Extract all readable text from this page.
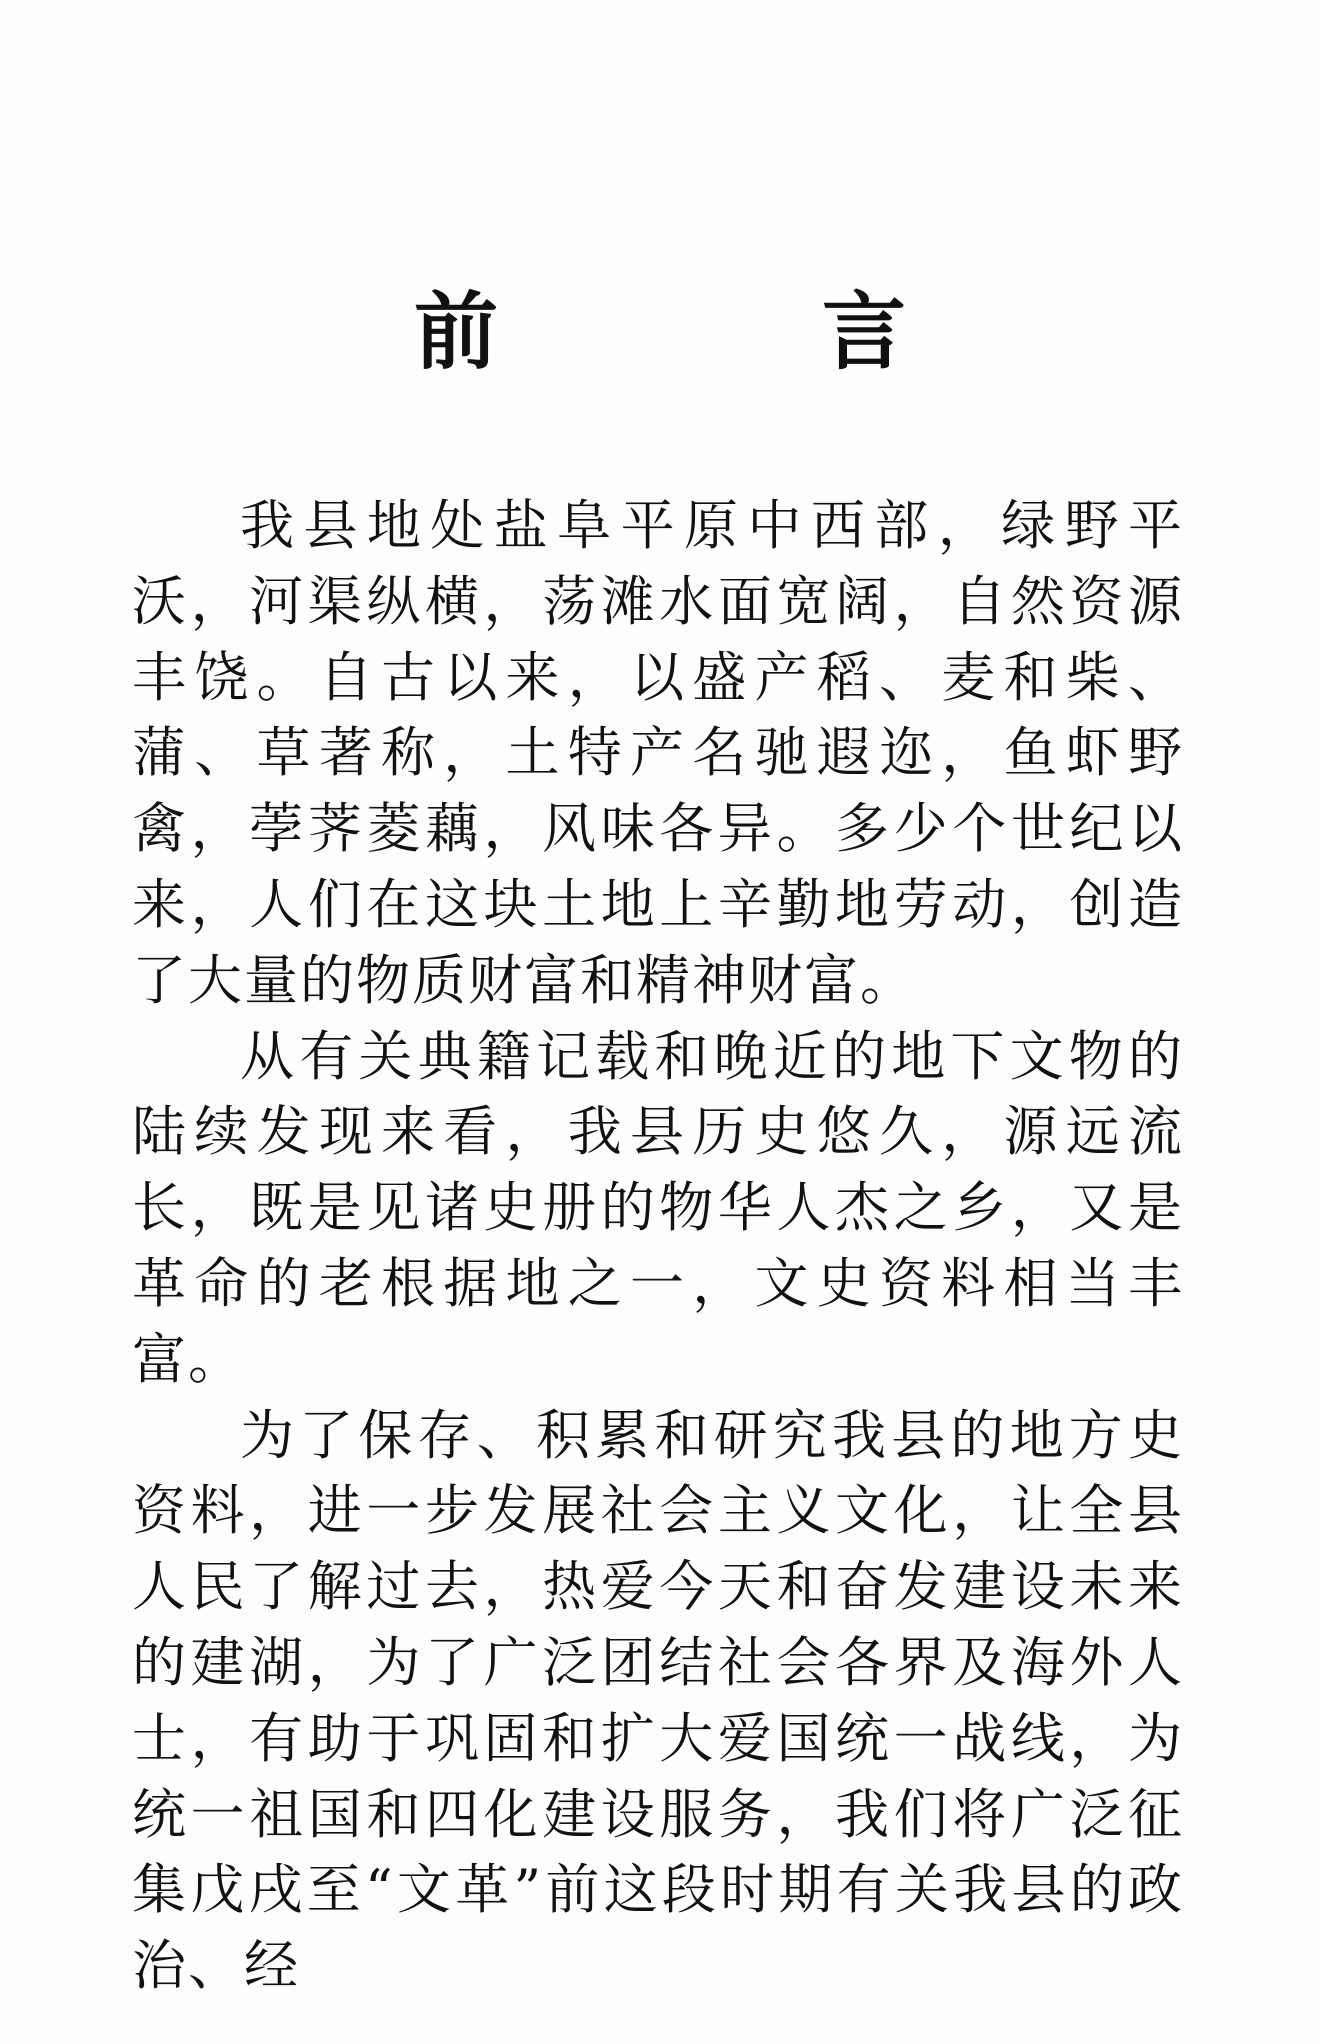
前　言

我县地处盐阜平原中西部，绿野平沃，河渠纵横，荡滩水面宽阔，自然资源丰饶。自古以来，以盛产稻、麦和柴、蒲、草著称，土特产名驰遐迩，鱼虾野禽，荸荠菱藕，风味各异。多少个世纪以来，人们在这块土地上辛勤地劳动，创造了大量的物质财富和精神财富。

从有关典籍记载和晚近的地下文物的陆续发现来看，我县历史悠久，源远流长，既是见诸史册的物华人杰之乡，又是革命的老根据地之一，文史资料相当丰富。

为了保存、积累和研究我县的地方史资料，进一步发展社会主义文化，让全县人民了解过去，热爱今天和奋发建设未来的建湖，为了广泛团结社会各界及海外人士，有助于巩固和扩大爱国统一战线，为统一祖国和四化建设服务，我们将广泛征集戊戌至“文革”前这段时期有关我县的政治、经
